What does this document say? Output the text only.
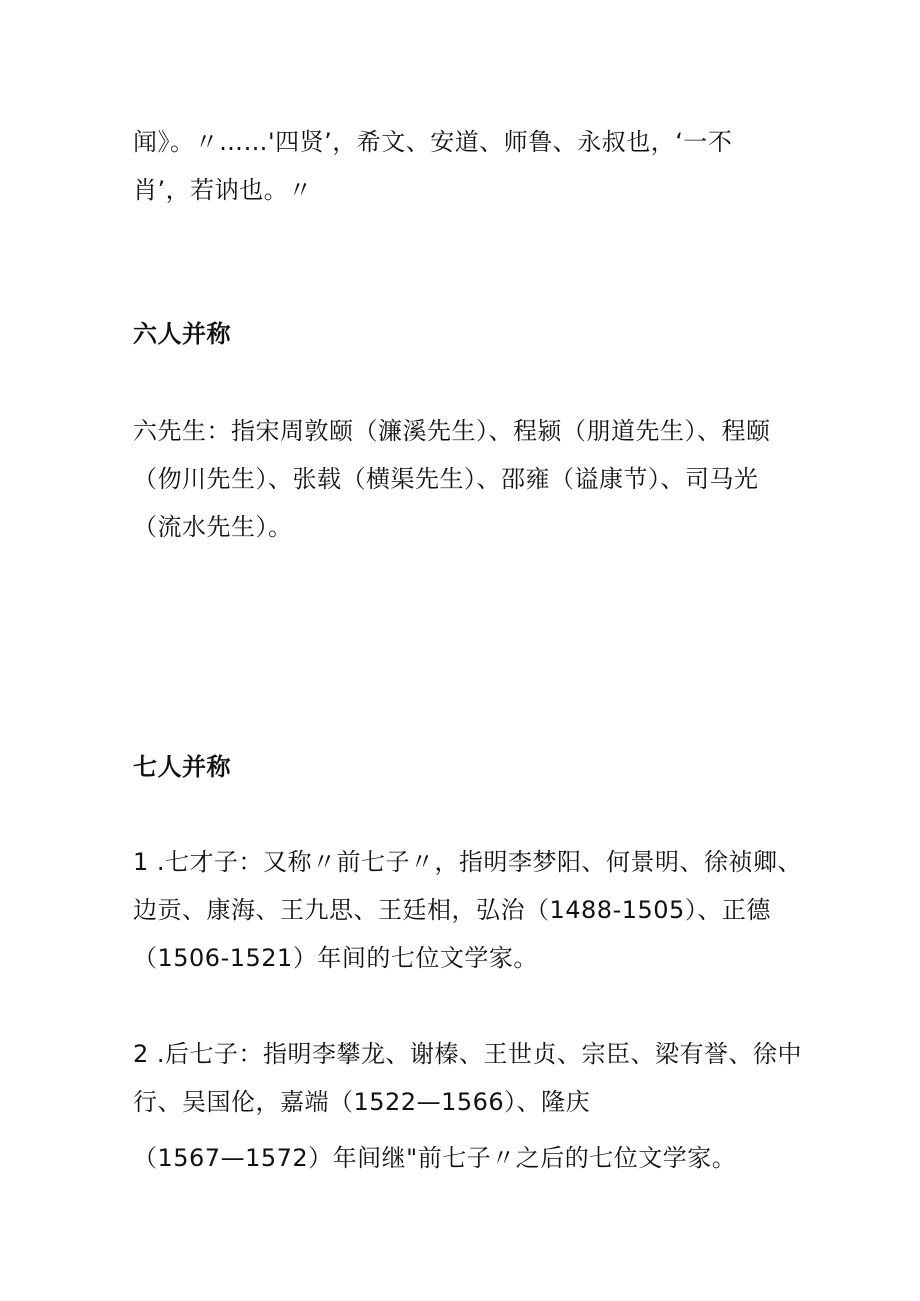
闻》。〃……'四贤’，希文、安道、师鲁、永叔也，‘一不
肖’，若讷也。〃
六人并称
六先生：指宋周敦颐（濂溪先生）、程颍（朋道先生）、程颐
（伆川先生）、张载（横渠先生）、邵雍（谥康节）、司马光
（流水先生）。
七人并称
1 .七才子：又称〃前七子〃，指明李梦阳、何景明、徐祯卿、
边贡、康海、王九思、王廷相，弘治（1488-1505）、正德
（1506-1521）年间的七位文学家。
2 .后七子：指明李攀龙、谢榛、王世贞、宗臣、梁有誉、徐中
行、吴国伦，嘉端（1522—1566）、隆庆
（1567—1572）年间继"前七子〃之后的七位文学家。
